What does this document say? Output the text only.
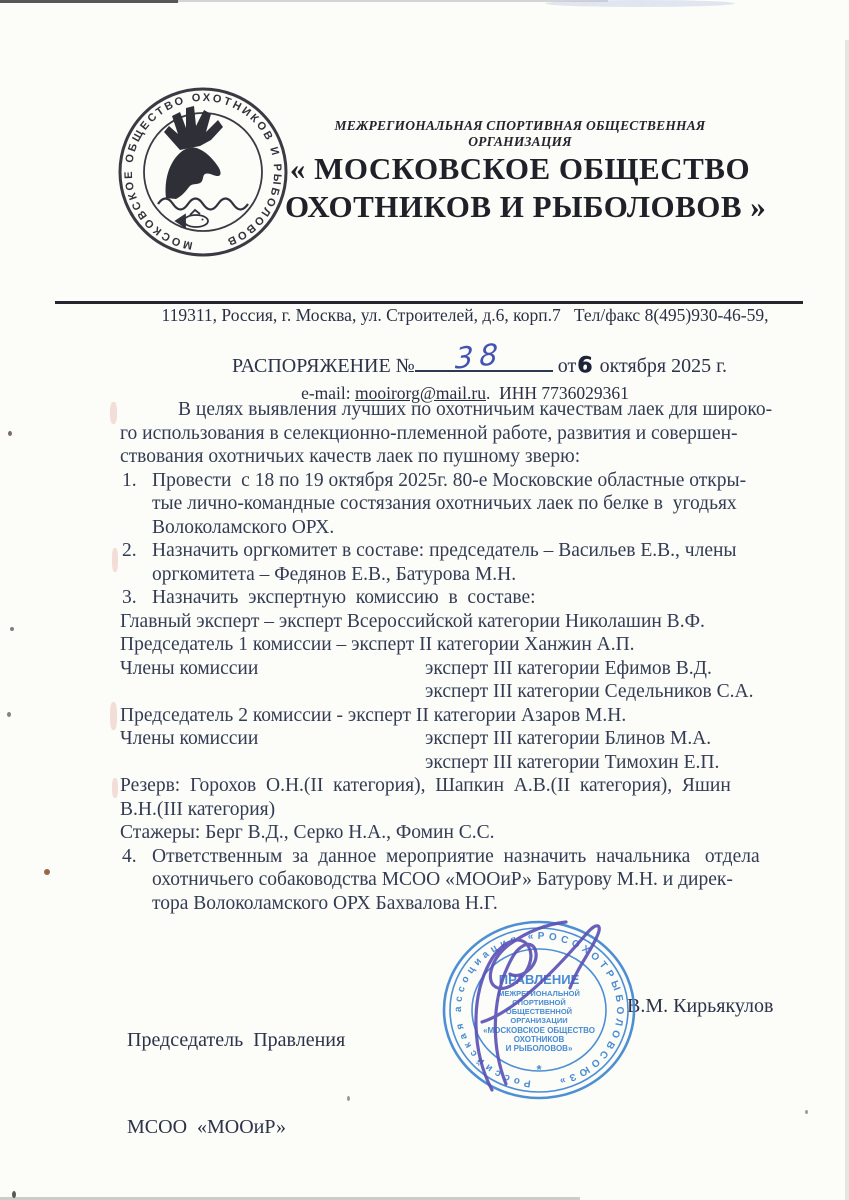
МОСКОВСКОЕ ОБЩЕСТВО ОХОТНИКОВ И РЫБОЛОВОВ
МЕЖРЕГИОНАЛЬНАЯ СПОРТИВНАЯ ОБЩЕСТВЕННАЯ ОРГАНИЗАЦИЯ
« МОСКОВСКОЕ ОБЩЕСТВО
ОХОТНИКОВ И РЫБОЛОВОВ »

119311, Россия, г. Москва, ул. Строителей, д.6, корп.7   Тел/факс 8(495)930-46-59,

e-mail: mooirorg@mail.ru.  ИНН 7736029361

РАСПОРЯЖЕНИЕ № 38 от6 октября 2025 г.
В целях выявления лучших по охотничьим качествам лаек для широко-
го использования в селекционно-племенной работе, развития и совершен-
ствования охотничьих качеств лаек по пушному зверю:
1. Провести  с 18 по 19 октября 2025г. 80-е Московские областные откры-
тые лично-командные состязания охотничьих лаек по белке в  угодьях
Волоколамского ОРХ.
2. Назначить оргкомитет в составе: председатель – Васильев Е.В., члены
оргкомитета – Федянов Е.В., Батурова М.Н.
3. Назначить  экспертную  комиссию  в  составе:
Главный эксперт – эксперт Всероссийской категории Николашин В.Ф.
Председатель 1 комиссии – эксперт II категории Ханжин А.П.
Члены комиссии	эксперт III категории Ефимов В.Д.
эксперт III категории Седельников С.А.
Председатель 2 комиссии - эксперт II категории Азаров М.Н.
Члены комиссии	эксперт III категории Блинов М.А.
эксперт III категории Тимохин Е.П.
Резерв:  Горохов  О.Н.(II  категория),  Шапкин  А.В.(II  категория),  Яшин
В.Н.(III категория)
Стажеры: Берг В.Д., Серко Н.А., Фомин С.С.
4. Ответственным  за  данное  мероприятие  назначить  начальника   отдела
охотничьего собаководства МСОО «МООиР» Батурову М.Н. и дирек-
тора Волоколамского ОРХ Бахвалова Н.Г.

Председатель  Правления

МСОО  «МООиР»

В.М. Кирьякулов
Российская ассоциация «РОСОХОТРЫБОЛОВСОЮЗ»
ПРАВЛЕНИЕ
МЕЖРЕГИОНАЛЬНОЙ
СПОРТИВНОЙ
ОБЩЕСТВЕННОЙ
ОРГАНИЗАЦИИ
«МОСКОВСКОЕ ОБЩЕСТВО
ОХОТНИКОВ
И РЫБОЛОВОВ»
*
